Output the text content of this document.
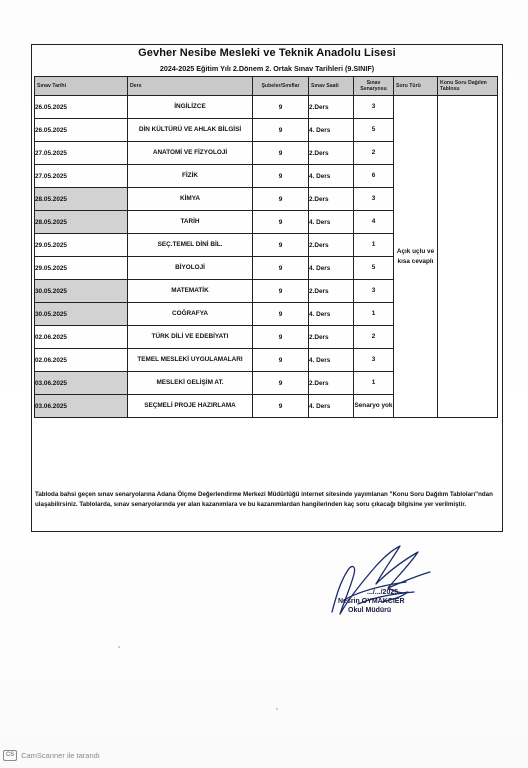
Gevher Nesibe Mesleki ve Teknik Anadolu Lisesi
2024-2025 Eğitim Yılı 2.Dönem 2. Ortak Sınav Tarihleri (9.SINIF)
Sınav Tarihi	Ders	Şubeler/Sınıflar	Sınav Saati	Sınav Senaryosu	Soru Türü	Konu Soru Dağılım Tablosu
26.05.2025	İNGİLİZCE	9	2.Ders	3	Açık uçlu ve kısa cevaplı	
26.05.2025	DİN KÜLTÜRÜ VE AHLAK BİLGİSİ	9	4. Ders	5		
27.05.2025	ANATOMİ VE FİZYOLOJİ	9	2.Ders	2		
27.05.2025	FİZİK	9	4. Ders	6		
28.05.2025	KİMYA	9	2.Ders	3		
28.05.2025	TARİH	9	4. Ders	4		
29.05.2025	SEÇ.TEMEL DİNİ BİL.	9	2.Ders	1		
29.05.2025	BİYOLOJİ	9	4. Ders	5		
30.05.2025	MATEMATİK	9	2.Ders	3		
30.05.2025	COĞRAFYA	9	4. Ders	1		
02.06.2025	TÜRK DİLİ VE EDEBİYATI	9	2.Ders	2		
02.06.2025	TEMEL MESLEKİ UYGULAMALARI	9	4. Ders	3		
03.06.2025	MESLEKİ GELİŞİM AT.	9	2.Ders	1		
03.06.2025	SEÇMELİ PROJE HAZIRLAMA	9	4. Ders	Senaryo yok		
Tabloda bahsi geçen sınav senaryolarına Adana Ölçme Değerlendirme Merkezi Müdürlüğü internet sitesinde yayımlanan "Konu Soru Dağılım Tabloları"ndan ulaşabilirsiniz. Tablolarda, sınav senaryolarında yer alan kazanımlara ve bu kazanımlardan hangilerinden kaç soru çıkacağı bilgisine yer verilmiştir.
.../.../2025
Nesrin OYMAKCIER
Okul Müdürü
CS CamScanner ile tarandı
